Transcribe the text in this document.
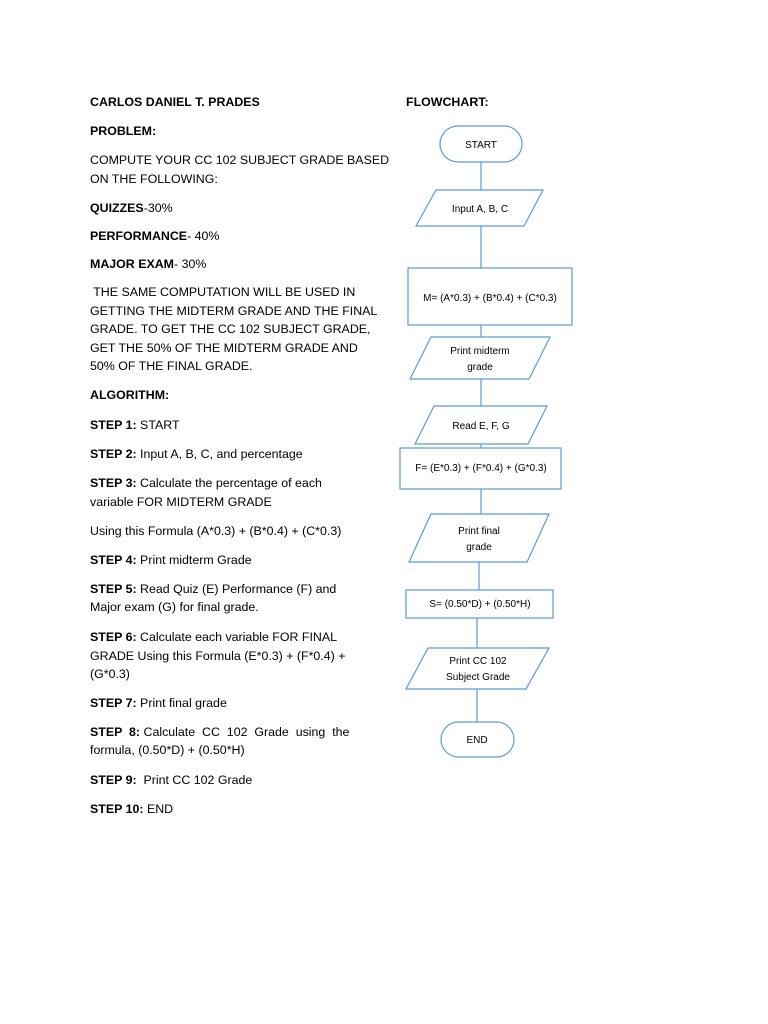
CARLOS DANIEL T. PRADES
PROBLEM:
COMPUTE YOUR CC 102 SUBJECT GRADE BASED
ON THE FOLLOWING:
QUIZZES-30%
PERFORMANCE- 40%
MAJOR EXAM- 30%
THE SAME COMPUTATION WILL BE USED IN
GETTING THE MIDTERM GRADE AND THE FINAL
GRADE. TO GET THE CC 102 SUBJECT GRADE,
GET THE 50% OF THE MIDTERM GRADE AND
50% OF THE FINAL GRADE.
ALGORITHM:
STEP 1: START
STEP 2: Input A, B, C, and percentage
STEP 3: Calculate the percentage of each
variable FOR MIDTERM GRADE
Using this Formula (A*0.3) + (B*0.4) + (C*0.3)
STEP 4: Print midterm Grade
STEP 5: Read Quiz (E) Performance (F) and
Major exam (G) for final grade.
STEP 6: Calculate each variable FOR FINAL
GRADE Using this Formula (E*0.3) + (F*0.4) +
(G*0.3)
STEP 7: Print final grade
STEP  8: Calculate  CC  102  Grade  using  the
formula, (0.50*D) + (0.50*H)
STEP 9:  Print CC 102 Grade
STEP 10: END
FLOWCHART:
START
Input A, B, C
M= (A*0.3) + (B*0.4) + (C*0.3)
Print midterm
grade
Read E, F, G
F= (E*0.3) + (F*0.4) + (G*0.3)
Print final
grade
S= (0.50*D) + (0.50*H)
Print CC 102
Subject Grade
END
